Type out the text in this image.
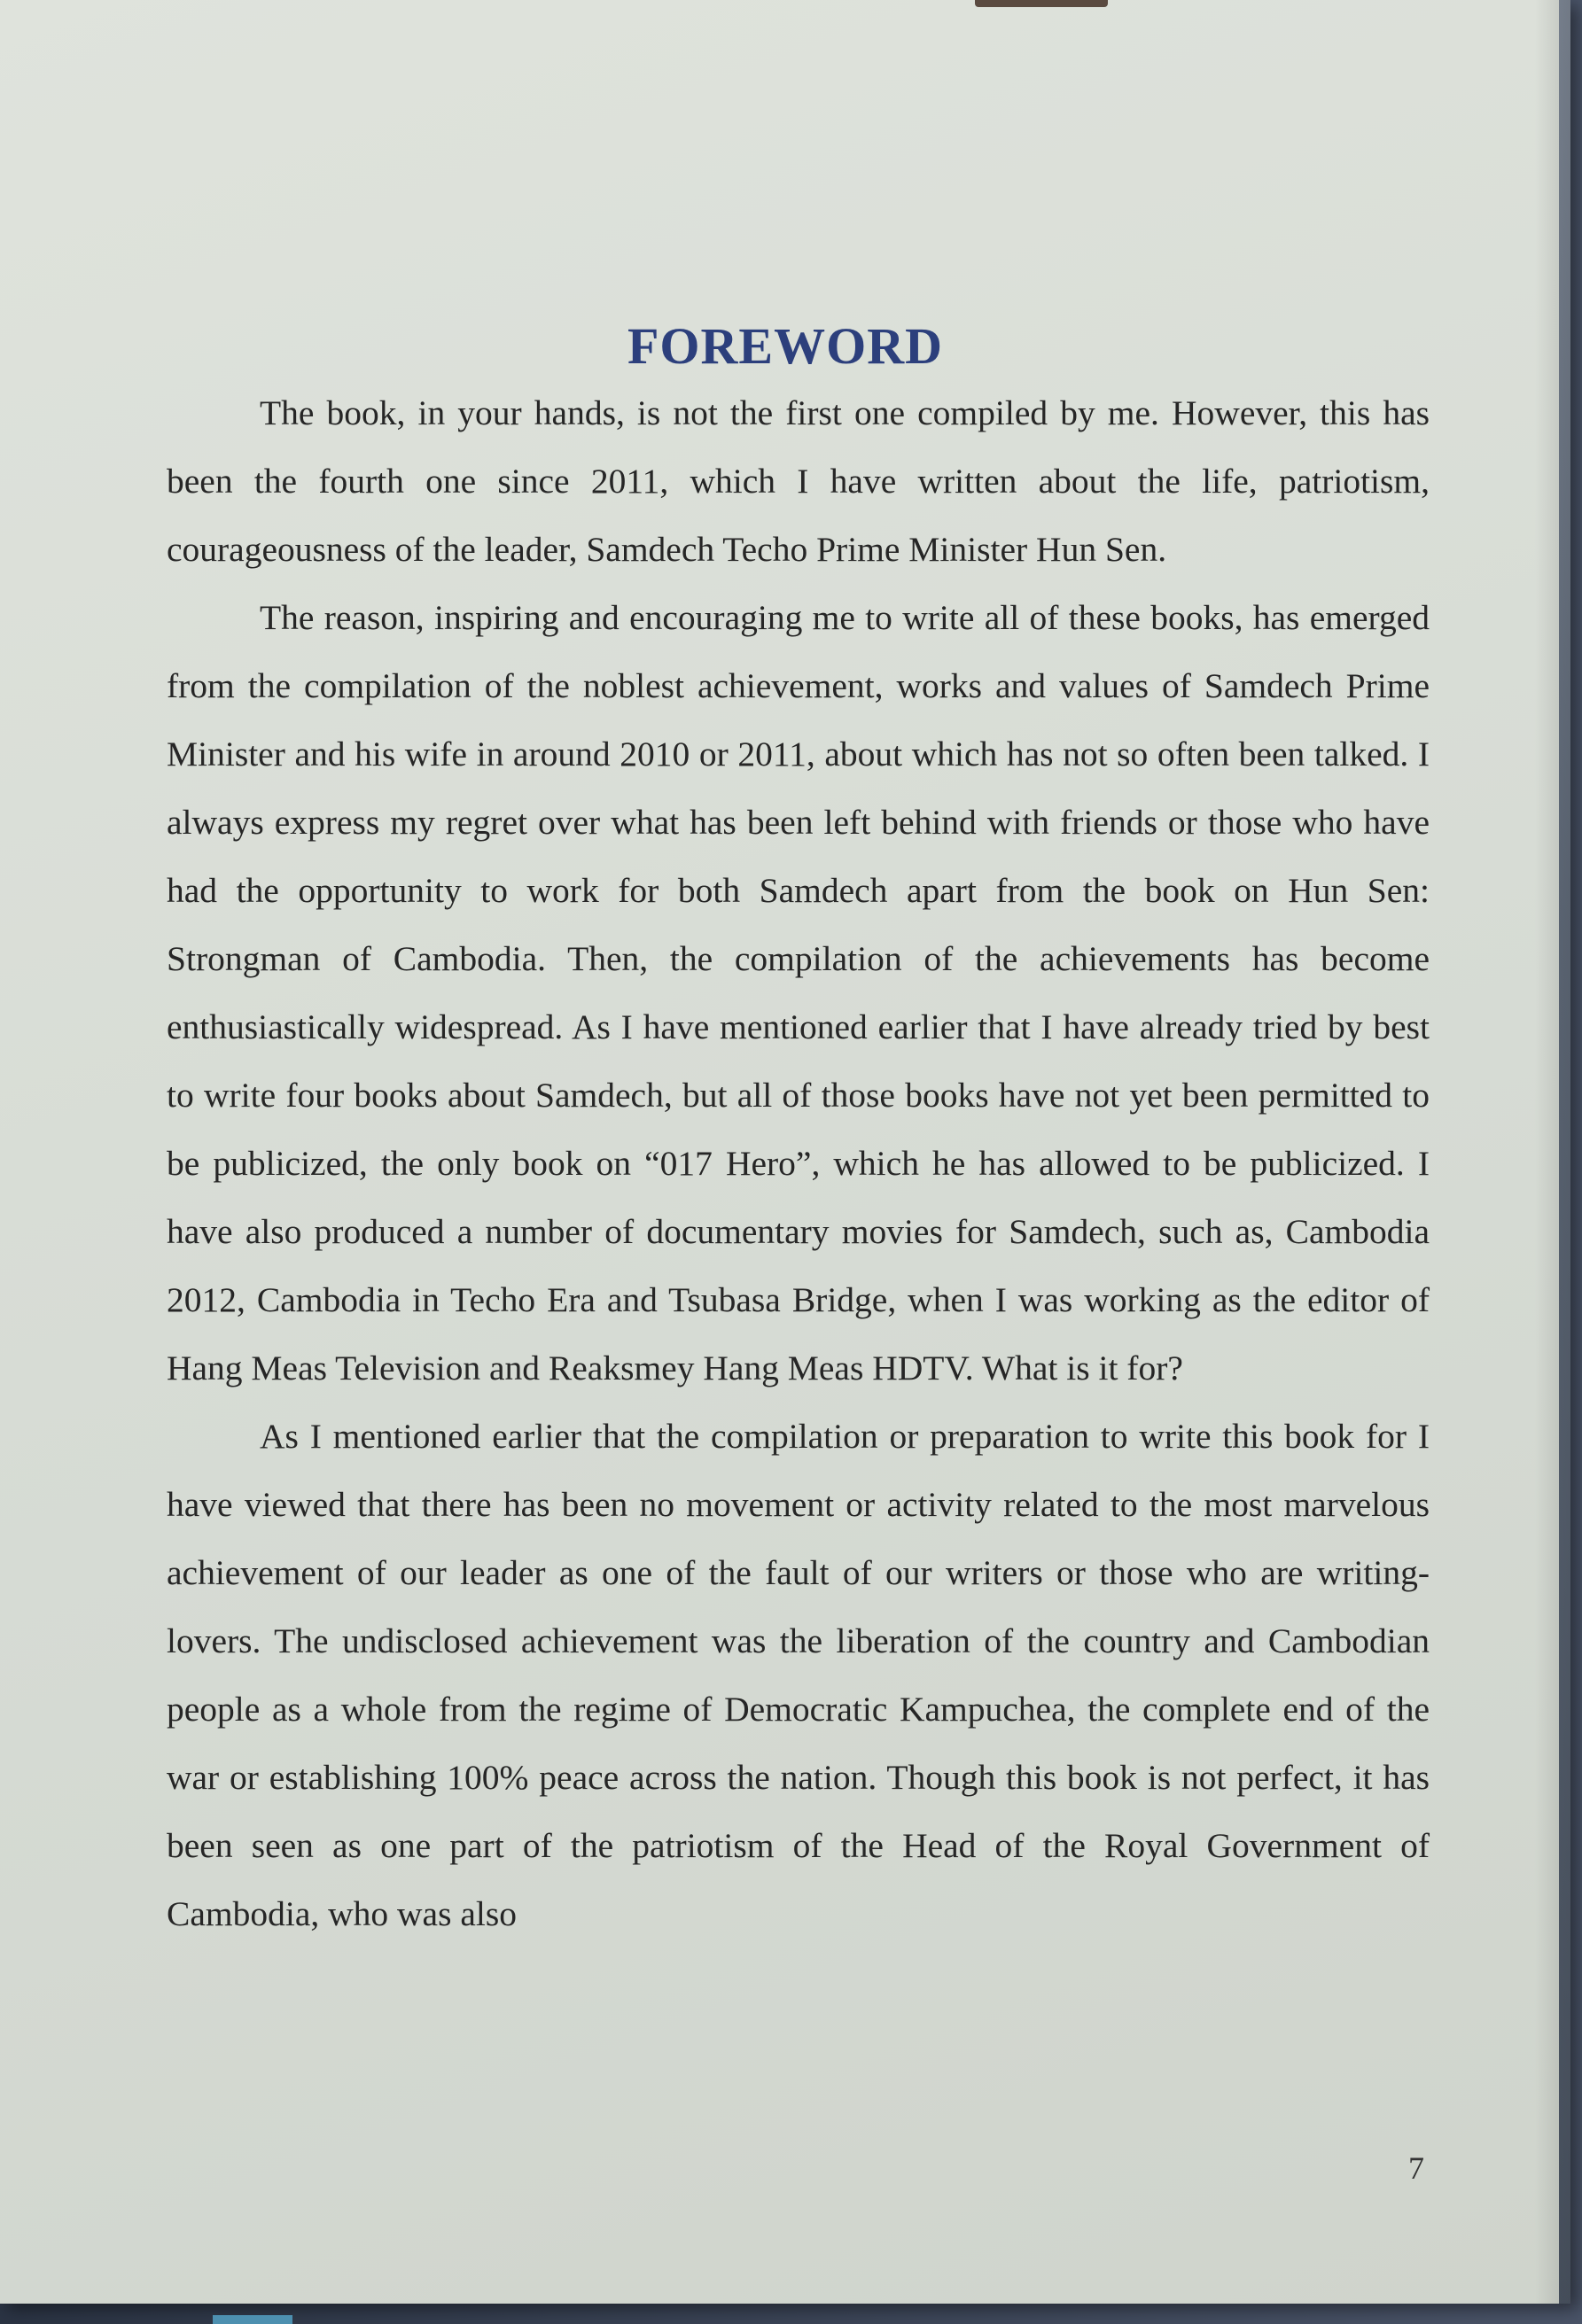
FOREWORD

The book, in your hands, is not the first one compiled by me. However, this has been the fourth one since 2011, which I have written about the life, patriotism, courageousness of the leader, Samdech Techo Prime Minister Hun Sen.

The reason, inspiring and encouraging me to write all of these books, has emerged from the compilation of the noblest achievement, works and values of Samdech Prime Minister and his wife in around 2010 or 2011, about which has not so often been talked. I always express my regret over what has been left behind with friends or those who have had the opportunity to work for both Samdech apart from the book on Hun Sen: Strongman of Cambodia. Then, the compilation of the achievements has become enthusiastically widespread. As I have mentioned earlier that I have already tried by best to write four books about Samdech, but all of those books have not yet been permitted to be publicized, the only book on “017 Hero”, which he has allowed to be publicized. I have also produced a number of documentary movies for Samdech, such as, Cambodia 2012, Cambodia in Techo Era and Tsubasa Bridge, when I was working as the editor of Hang Meas Television and Reaksmey Hang Meas HDTV. What is it for?

As I mentioned earlier that the compilation or preparation to write this book for I have viewed that there has been no movement or activity related to the most marvelous achievement of our leader as one of the fault of our writers or those who are writing-lovers. The undisclosed achievement was the liberation of the country and Cambodian people as a whole from the regime of Democratic Kampuchea, the complete end of the war or establishing 100% peace across the nation. Though this book is not perfect, it has been seen as one part of the patriotism of the Head of the Royal Government of Cambodia, who was also

7
